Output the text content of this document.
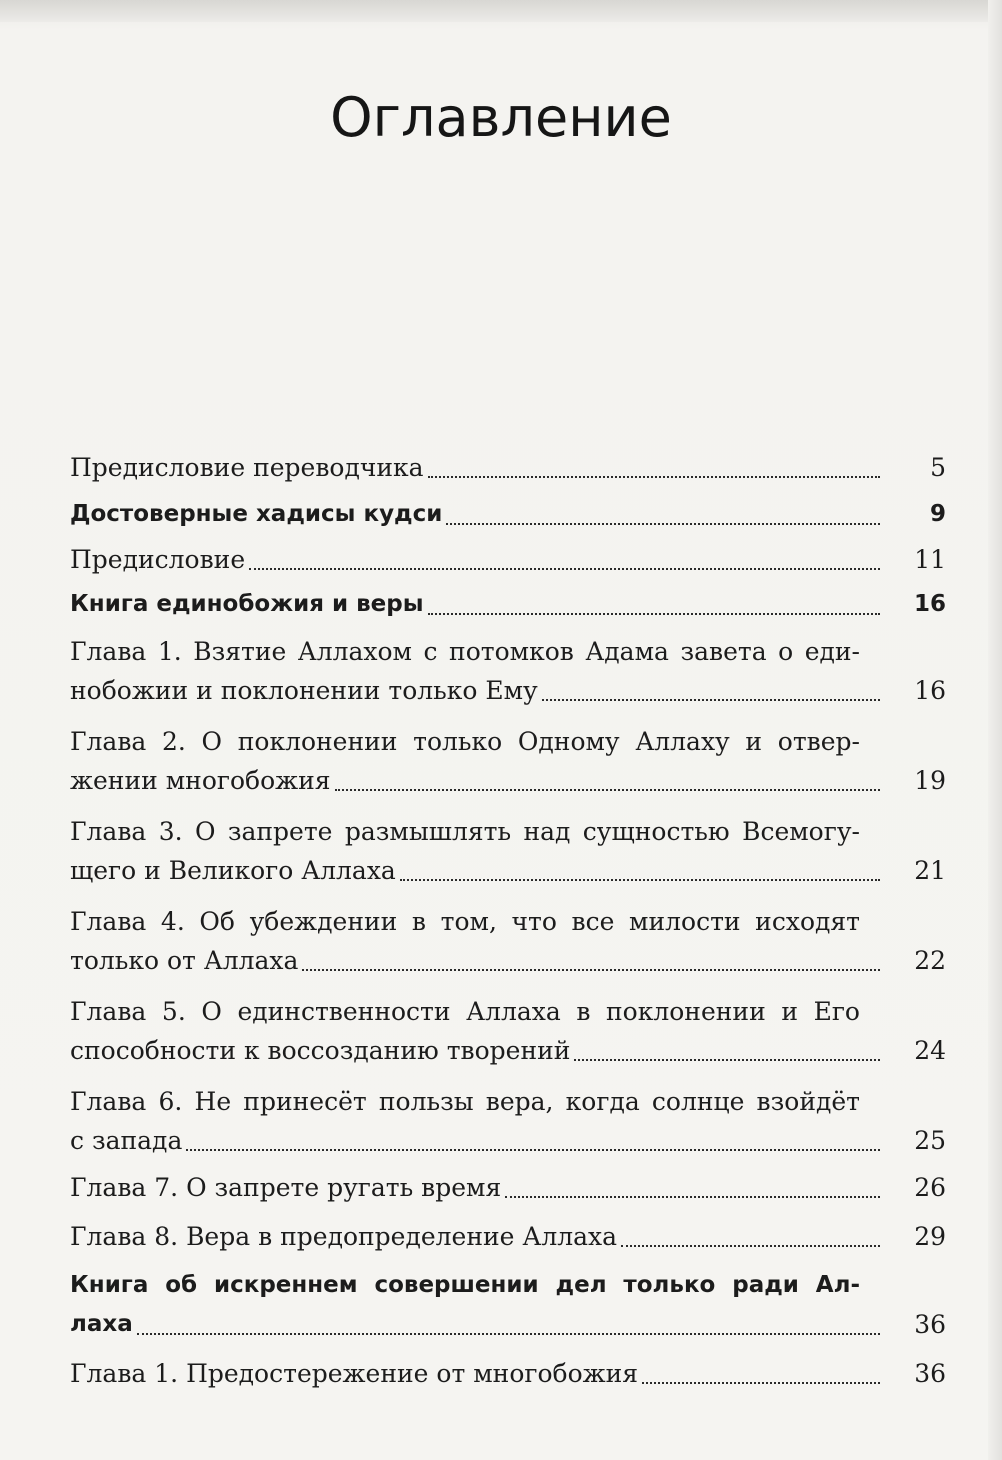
Оглавление
Предисловие переводчика	5
Достоверные хадисы кудси	9
Предисловие	11
Книга единобожия и веры	16
Глава 1. Взятие Аллахом с потомков Адама завета о еди-
нобожии и поклонении только Ему	16
Глава 2. О поклонении только Одному Аллаху и отвер-
жении многобожия	19
Глава 3. О запрете размышлять над сущностью Всемогу-
щего и Великого Аллаха	21
Глава 4. Об убеждении в том, что все милости исходят
только от Аллаха	22
Глава 5. О единственности Аллаха в поклонении и Его
способности к воссозданию творений	24
Глава 6. Не принесёт пользы вера, когда солнце взойдёт
с запада	25
Глава 7. О запрете ругать время	26
Глава 8. Вера в предопределение Аллаха	29
Книга об искреннем совершении дел только ради Ал-
лаха	36
Глава 1. Предостережение от многобожия	36
